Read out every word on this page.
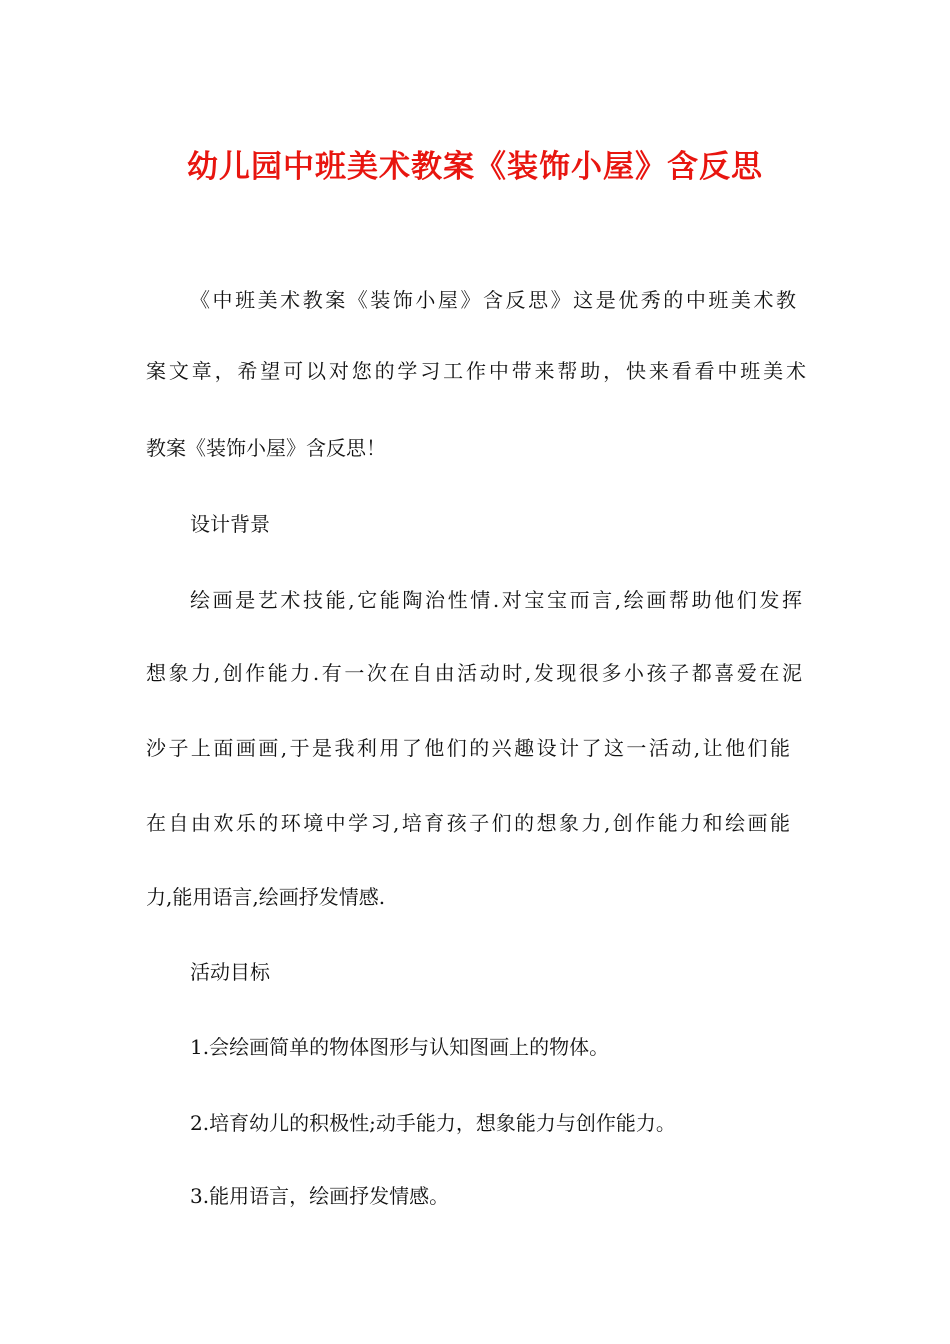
幼儿园中班美术教案《装饰小屋》含反思

《中班美术教案《装饰小屋》含反思》这是优秀的中班美术教

案文章，希望可以对您的学习工作中带来帮助，快来看看中班美术

教案《装饰小屋》含反思！

设计背景

绘画是艺术技能,它能陶治性情.对宝宝而言,绘画帮助他们发挥

想象力,创作能力.有一次在自由活动时,发现很多小孩子都喜爱在泥

沙子上面画画,于是我利用了他们的兴趣设计了这一活动,让他们能

在自由欢乐的环境中学习,培育孩子们的想象力,创作能力和绘画能

力,能用语言,绘画抒发情感.

活动目标

1.会绘画简单的物体图形与认知图画上的物体。

2.培育幼儿的积极性;动手能力，想象能力与创作能力。

3.能用语言，绘画抒发情感。
